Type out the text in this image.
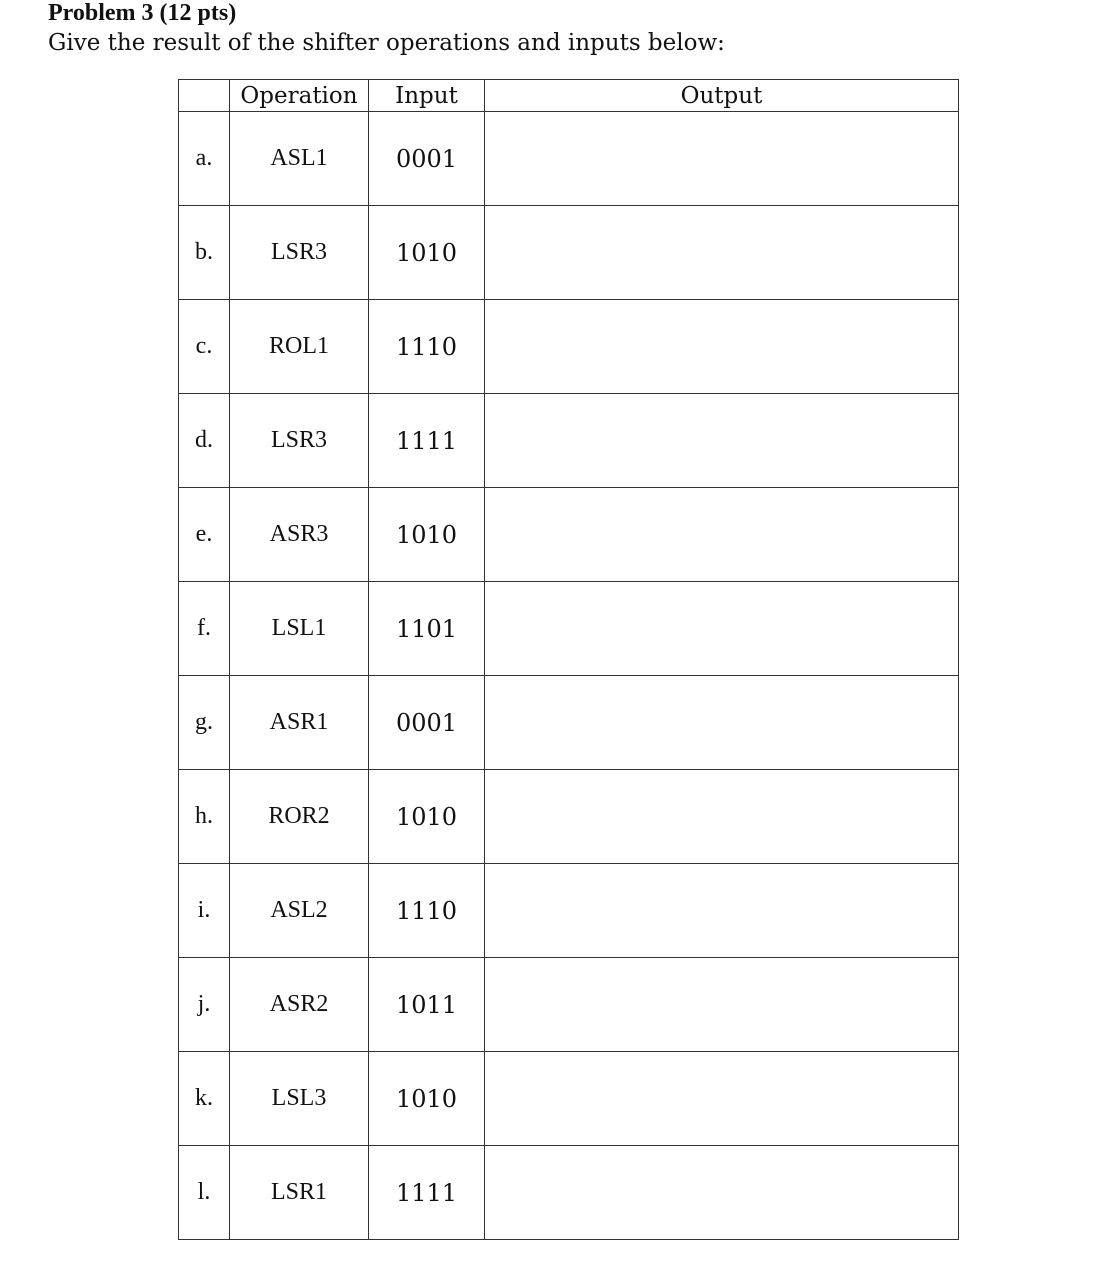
Problem 3 (12 pts)
Give the result of the shifter operations and inputs below:
	Operation	Input	Output
a.	ASL1	0001	
b.	LSR3	1010	
c.	ROL1	1110	
d.	LSR3	1111	
e.	ASR3	1010	
f.	LSL1	1101	
g.	ASR1	0001	
h.	ROR2	1010	
i.	ASL2	1110	
j.	ASR2	1011	
k.	LSL3	1010	
l.	LSR1	1111	
